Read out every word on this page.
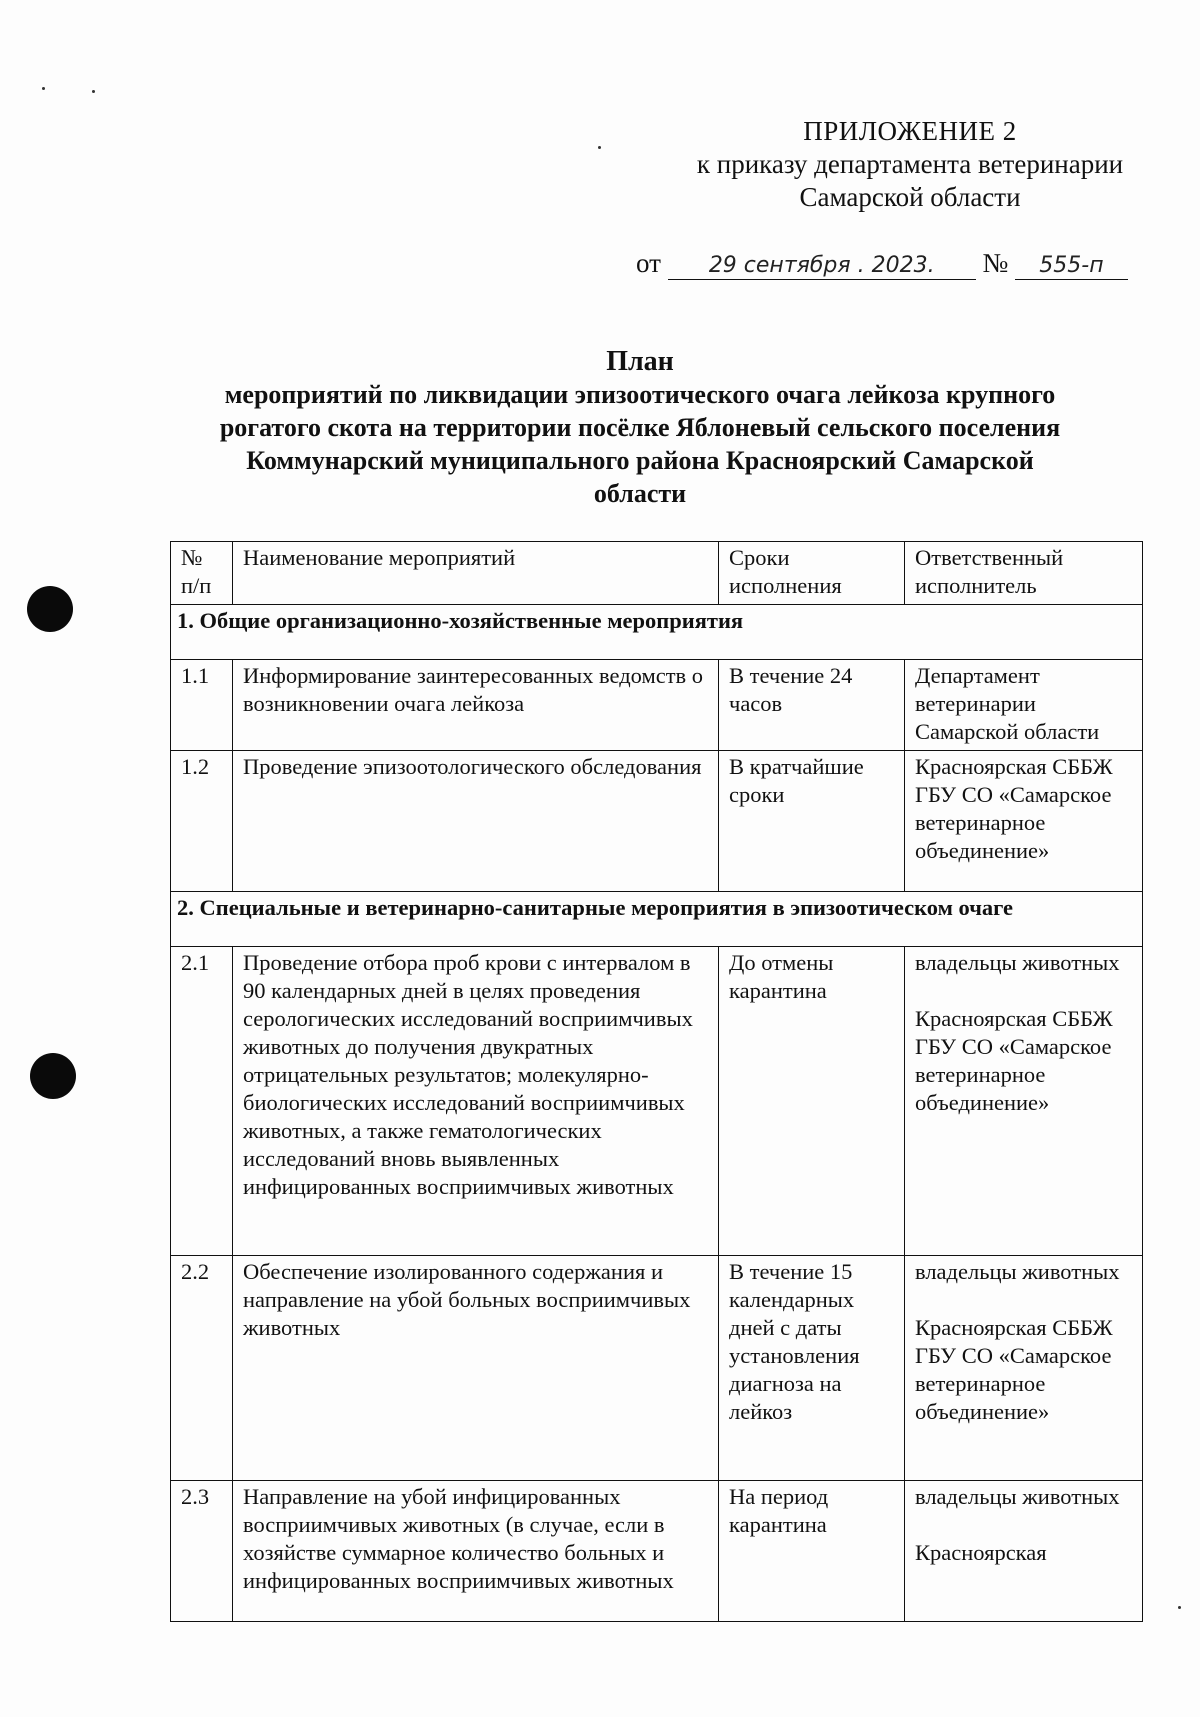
ПРИЛОЖЕНИЕ 2
к приказу департамента ветеринарии
Самарской области
от 29 сентября . 2023. № 555-п
План
мероприятий по ликвидации эпизоотического очага лейкоза крупного
рогатого скота на территории посёлке Яблоневый сельского поселения
Коммунарский муниципального района Красноярский Самарской
области
№ п/п	Наименование мероприятий	Сроки исполнения	Ответственный исполнитель
1. Общие организационно-хозяйственные мероприятия			
1.1	Информирование заинтересованных ведомств о возникновении очага лейкоза	В течение 24 часов	Департамент ветеринарии Самарской области
1.2	Проведение эпизоотологического обследования	В кратчайшие сроки	Красноярская СББЖ ГБУ СО «Самарское ветеринарное объединение»
2. Специальные и ветеринарно-санитарные мероприятия в эпизоотическом очаге			
2.1	Проведение отбора проб крови с интервалом в 90 календарных дней в целях проведения серологических исследований восприимчивых животных до получения двукратных отрицательных результатов; молекулярно-биологических исследований восприимчивых животных, а также гематологических исследований вновь выявленных инфицированных восприимчивых животных	До отмены карантина	владельцы животных
Красноярская СББЖ ГБУ СО «Самарское ветеринарное объединение»
2.2	Обеспечение изолированного содержания и направление на убой больных восприимчивых животных	В течение 15 календарных дней с даты установления диагноза на лейкоз	владельцы животных
Красноярская СББЖ ГБУ СО «Самарское ветеринарное объединение»
2.3	Направление на убой инфицированных восприимчивых животных (в случае, если в хозяйстве суммарное количество больных и инфицированных восприимчивых животных	На период карантина	владельцы животных
Красноярская
